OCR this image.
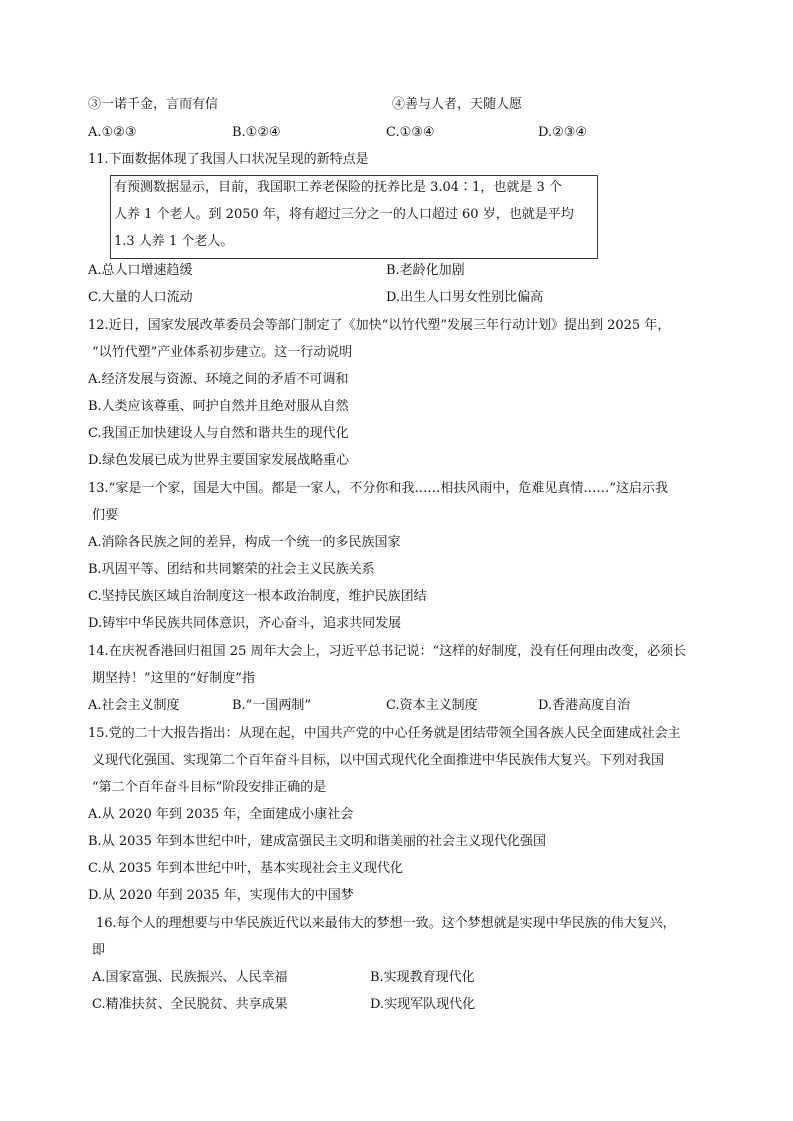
③一诺千金，言而有信	④善与人者，天随人愿
A.①②③	B.①②④	C.①③④	D.②③④
11.下面数据体现了我国人口状况呈现的新特点是
有预测数据显示，目前，我国职工养老保险的抚养比是 3.04∶1，也就是 3 个
人养 1 个老人。到 2050 年，将有超过三分之一的人口超过 60 岁，也就是平均
1.3 人养 1 个老人。
A.总人口增速趋缓	B.老龄化加剧
C.大量的人口流动	D.出生人口男女性别比偏高
12.近日，国家发展改革委员会等部门制定了《加快“以竹代塑”发展三年行动计划》提出到 2025 年，
“以竹代塑”产业体系初步建立。这一行动说明
A.经济发展与资源、环境之间的矛盾不可调和
B.人类应该尊重、呵护自然并且绝对服从自然
C.我国正加快建设人与自然和谐共生的现代化
D.绿色发展已成为世界主要国家发展战略重心
13.“家是一个家，国是大中国。都是一家人，不分你和我……相扶风雨中，危难见真情……”这启示我
们要
A.消除各民族之间的差异，构成一个统一的多民族国家
B.巩固平等、团结和共同繁荣的社会主义民族关系
C.坚持民族区域自治制度这一根本政治制度，维护民族团结
D.铸牢中华民族共同体意识，齐心奋斗，追求共同发展
14.在庆祝香港回归祖国 25 周年大会上，习近平总书记说：“这样的好制度，没有任何理由改变，必须长
期坚持！”这里的“好制度”指
A.社会主义制度	B.“一国两制”	C.资本主义制度	D.香港高度自治
15.党的二十大报告指出：从现在起，中国共产党的中心任务就是团结带领全国各族人民全面建成社会主
义现代化强国、实现第二个百年奋斗目标，以中国式现代化全面推进中华民族伟大复兴。下列对我国
“第二个百年奋斗目标”阶段安排正确的是
A.从 2020 年到 2035 年，全面建成小康社会
B.从 2035 年到本世纪中叶，建成富强民主文明和谐美丽的社会主义现代化强国
C.从 2035 年到本世纪中叶，基本实现社会主义现代化
D.从 2020 年到 2035 年，实现伟大的中国梦
16.每个人的理想要与中华民族近代以来最伟大的梦想一致。这个梦想就是实现中华民族的伟大复兴，
即
A.国家富强、民族振兴、人民幸福	B.实现教育现代化
C.精准扶贫、全民脱贫、共享成果	D.实现军队现代化
